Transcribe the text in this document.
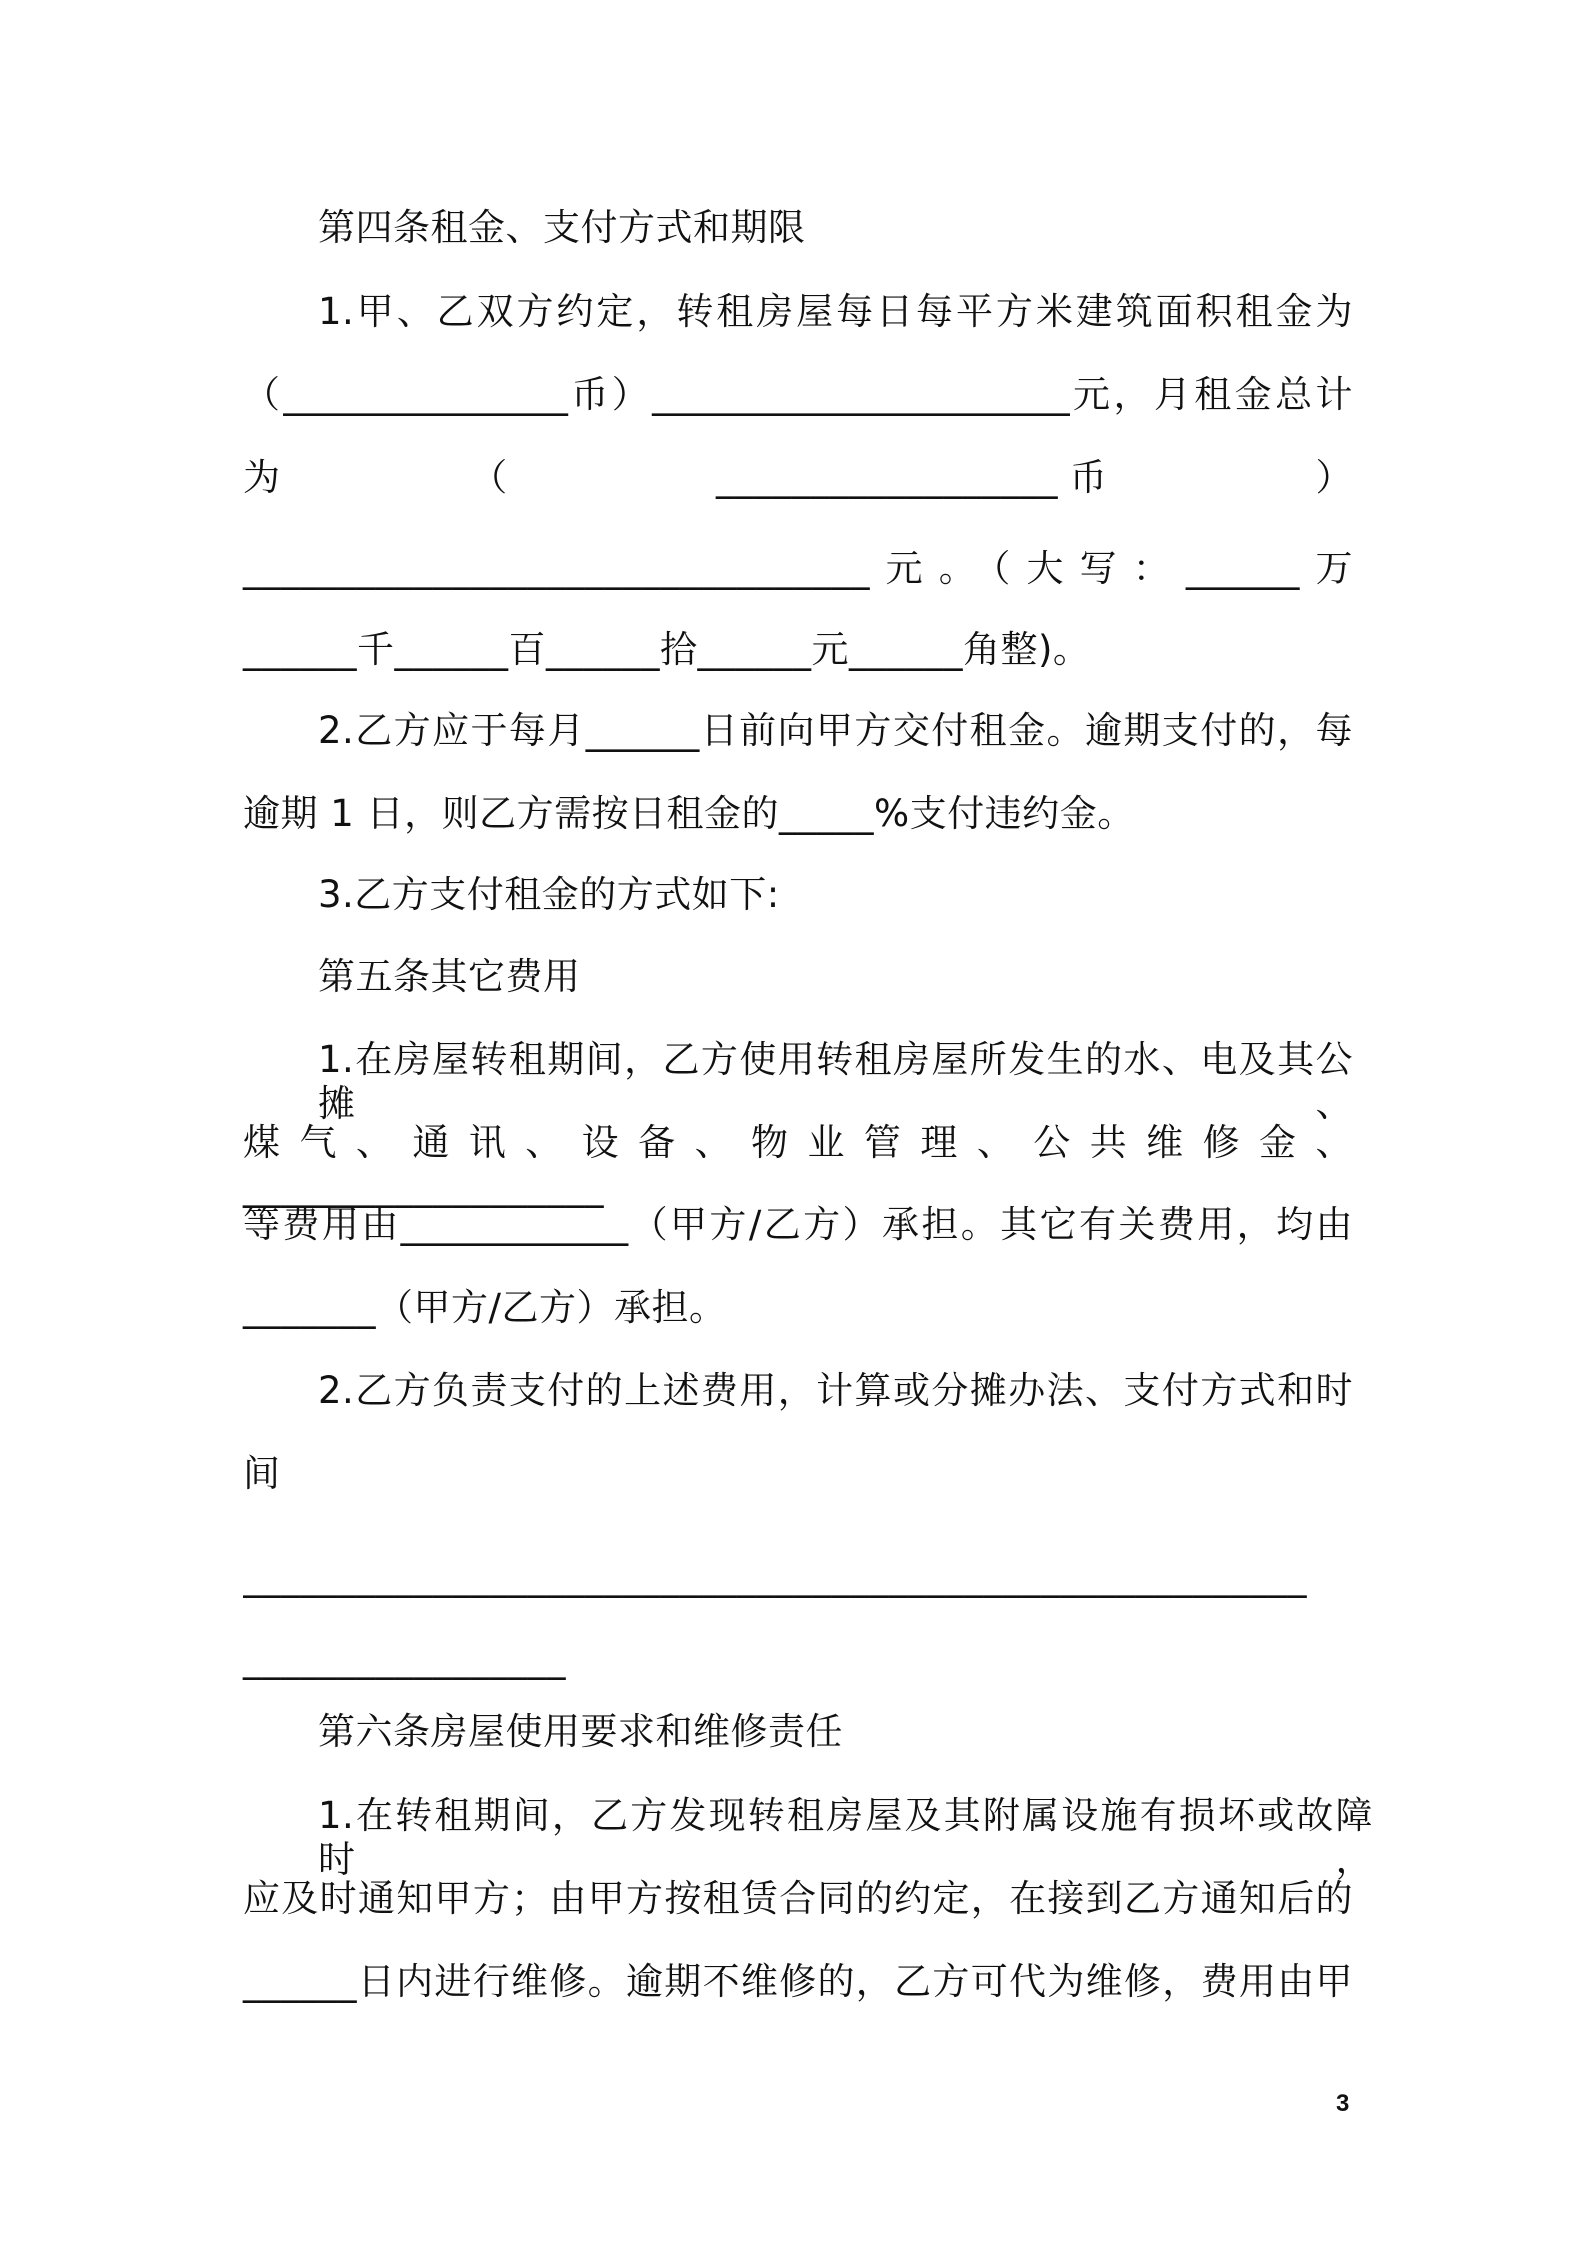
第四条租金、支付方式和期限
1.甲、乙双方约定，转租房屋每日每平方米建筑面积租金为
（_______________币）______________________元，月租金总计
为　　　　（　　　　__________________币　　　　）
_________________________________元。（大写：______万
______千______百______拾______元______角整)。
2.乙方应于每月______日前向甲方交付租金。逾期支付的，每
逾期 1 日，则乙方需按日租金的_____%支付违约金。
3.乙方支付租金的方式如下:
第五条其它费用
1.在房屋转租期间，乙方使用转租房屋所发生的水、电及其公摊、
煤气、通讯、设备、物业管理、公共维修金、___________________
等费用由____________（甲方/乙方）承担。其它有关费用，均由
_______（甲方/乙方）承担。
2.乙方负责支付的上述费用，计算或分摊办法、支付方式和时
间
________________________________________________________
_________________
第六条房屋使用要求和维修责任
1.在转租期间，乙方发现转租房屋及其附属设施有损坏或故障时，
应及时通知甲方；由甲方按租赁合同的约定，在接到乙方通知后的
______日内进行维修。逾期不维修的，乙方可代为维修，费用由甲
3
